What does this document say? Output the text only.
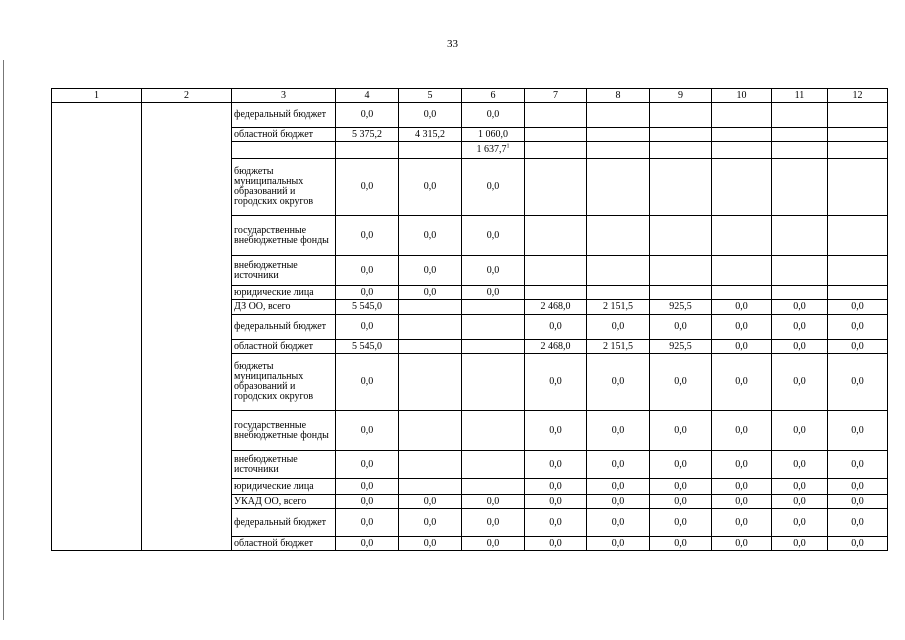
33
1	2	3	4	5	6	7	8	9	10	11	12
		федеральный бюджет	0,0	0,0	0,0						
		областной бюджет	5 375,2	4 315,2	1 060,0						
					1 637,7$^1$						
		бюджеты муниципальных образований и городских округов	0,0	0,0	0,0						
		государственные внебюджетные фонды	0,0	0,0	0,0						
		внебюджетные источники	0,0	0,0	0,0						
		юридические лица	0,0	0,0	0,0						
		ДЗ ОО, всего	5 545,0			2 468,0	2 151,5	925,5	0,0	0,0	0,0
		федеральный бюджет	0,0			0,0	0,0	0,0	0,0	0,0	0,0
		областной бюджет	5 545,0			2 468,0	2 151,5	925,5	0,0	0,0	0,0
		бюджеты муниципальных образований и городских округов	0,0			0,0	0,0	0,0	0,0	0,0	0,0
		государственные внебюджетные фонды	0,0			0,0	0,0	0,0	0,0	0,0	0,0
		внебюджетные источники	0,0			0,0	0,0	0,0	0,0	0,0	0,0
		юридические лица	0,0			0,0	0,0	0,0	0,0	0,0	0,0
		УКАД ОО, всего	0,0	0,0	0,0	0,0	0,0	0,0	0,0	0,0	0,0
		федеральный бюджет	0,0	0,0	0,0	0,0	0,0	0,0	0,0	0,0	0,0
		областной бюджет	0,0	0,0	0,0	0,0	0,0	0,0	0,0	0,0	0,0
